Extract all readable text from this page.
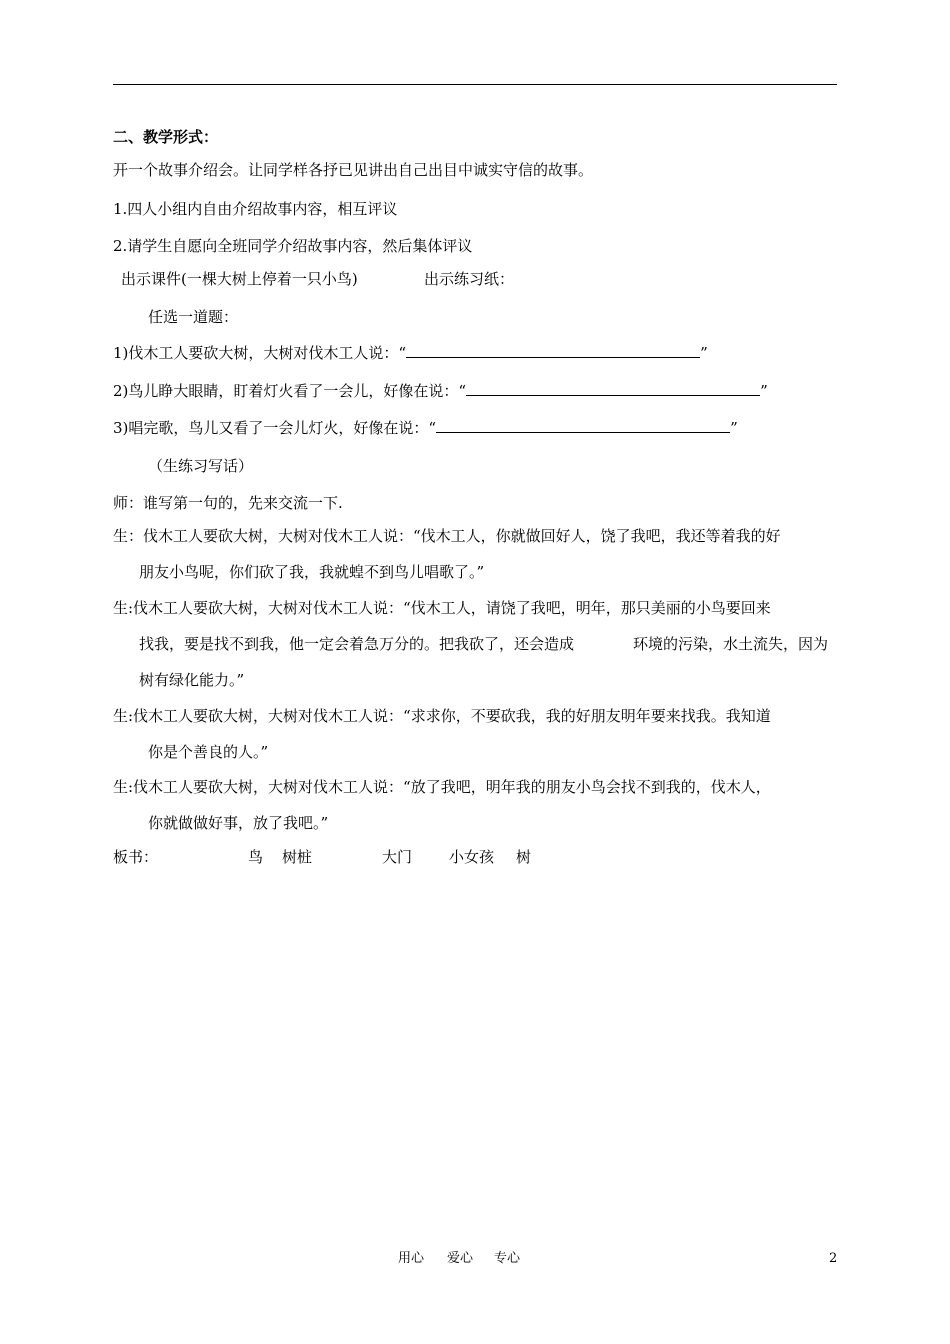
二、教学形式：
开一个故事介绍会。让同学样各抒已见讲出自己出目中诚实守信的故事。
1.四人小组内自由介绍故事内容，相互评议
2.请学生自愿向全班同学介绍故事内容，然后集体评议
出示课件(一棵大树上停着一只小鸟)	出示练习纸：
任选一道题：
1)伐木工人要砍大树，大树对伐木工人说：“	”
2)鸟儿睁大眼睛，盯着灯火看了一会儿，好像在说：“	”
3)唱完歌，鸟儿又看了一会儿灯火，好像在说：“	”
（生练习写话）
师：谁写第一句的，先来交流一下.
生：伐木工人要砍大树，大树对伐木工人说：“伐木工人，你就做回好人，饶了我吧，我还等着我的好
朋友小鸟呢，你们砍了我，我就蝗不到鸟儿唱歌了。”
生:伐木工人要砍大树，大树对伐木工人说：“伐木工人，请饶了我吧，明年，那只美丽的小鸟要回来
找我，要是找不到我，他一定会着急万分的。把我砍了，还会造成	环境的污染，水土流失，因为
树有绿化能力。”
生:伐木工人要砍大树，大树对伐木工人说：“求求你，不要砍我，我的好朋友明年要来找我。我知道
你是个善良的人。”
生:伐木工人要砍大树，大树对伐木工人说：“放了我吧，明年我的朋友小鸟会找不到我的，伐木人，
你就做做好事，放了我吧。”
板书：	鸟 树桩	大门 小女孩 树
用心 爱心 专心	2
